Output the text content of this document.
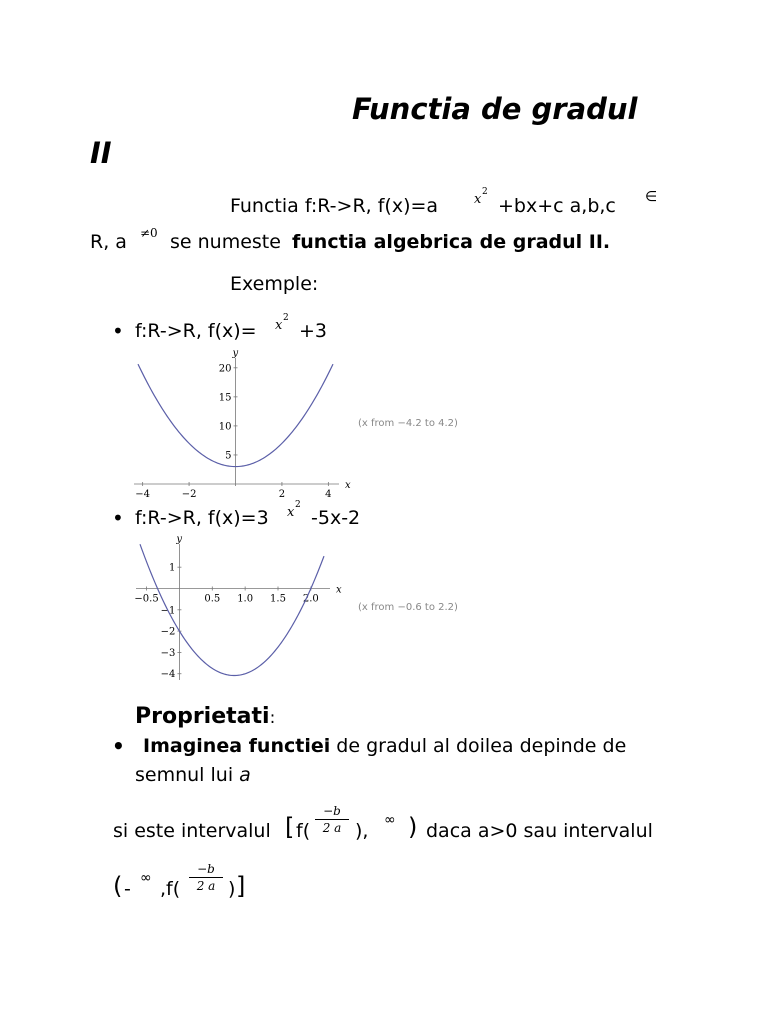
Functia de gradul
II
Functia f:R->R, f(x)=a	x 2
+bx+c a,b,c ∈
R, a ≠0 se numeste functia algebrica de gradul II.
Exemple:
• f:R->R, f(x)= x 2
+3
x
y
−4	−2	2	4
5
10
15
20
(x from −4.2 to 4.2)
• f:R->R, f(x)=3 x 2
-5x-2
x
y
−0.5	0.5 1.0 1.5 2.0
1
−1
−2
−3
−4
(x from −0.6 to 2.2)
Proprietati:
• Imaginea functiei de gradul al doilea depinde de
semnul lui a
si este intervalul [ $f( \frac{-b}{2 a}$ ), ∞ ) daca a>0 sau intervalul
( - ∞ $,f( \frac{-b}{2 a}$ ) ]
